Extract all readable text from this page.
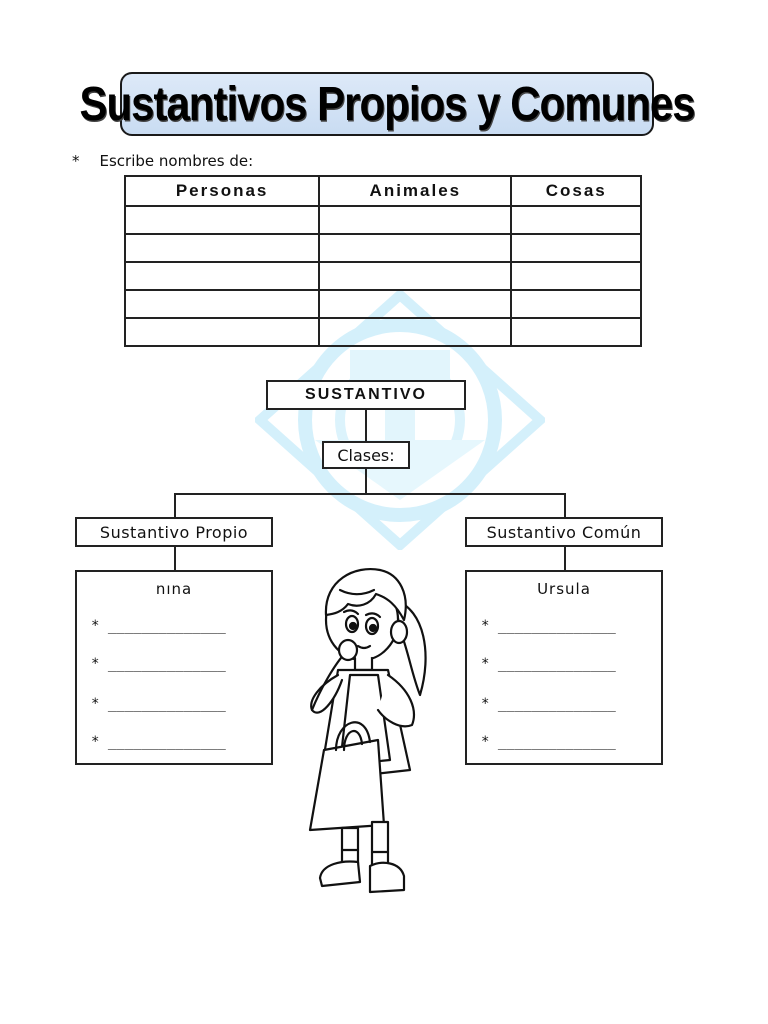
Sustantivos Propios y Comunes
* Escribe nombres de:
Personas	Animales	Cosas

SUSTANTIVO
Clases:
Sustantivo Propio	Sustantivo Común
nına
* ______________
* ______________
* ______________
* ______________
Ursula
* ______________
* ______________
* ______________
* ______________
